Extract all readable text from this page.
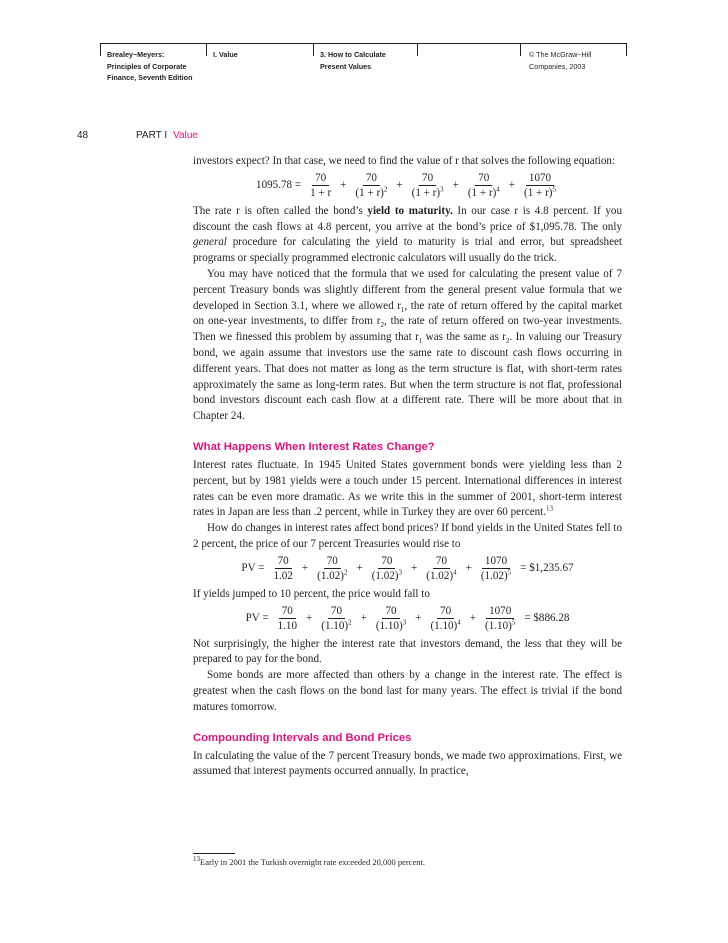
Brealey−Meyers:
Principles of Corporate
Finance, Seventh Edition
I. Value	3. How to Calculate
Present Values
© The McGraw−Hill
Companies, 2003
48	PART I Value

investors expect? In that case, we need to find the value of r that solves the following equation:

$1095.78 = \frac{70}{1 + r} + \frac{70}{(1 + r)^2} + \frac{70}{(1 + r)^3} + \frac{70}{(1 + r)^4} + \frac{1070}{(1 + r)^5}$

The rate r is often called the bond’s yield to maturity. In our case r is 4.8 percent. If you discount the cash flows at 4.8 percent, you arrive at the bond’s price of $1,095.78. The only general procedure for calculating the yield to maturity is trial and error, but spreadsheet programs or specially programmed electronic calculators will usually do the trick.

You may have noticed that the formula that we used for calculating the present value of 7 percent Treasury bonds was slightly different from the general present value formula that we developed in Section 3.1, where we allowed $r_1$, the rate of return offered by the capital market on one-year investments, to differ from $r_2$, the rate of return offered on two-year investments. Then we finessed this problem by assuming that $r_1$ was the same as $r_2$. In valuing our Treasury bond, we again assume that investors use the same rate to discount cash flows occurring in different years. That does not matter as long as the term structure is flat, with short-term rates approximately the same as long-term rates. But when the term structure is not flat, professional bond investors discount each cash flow at a different rate. There will be more about that in Chapter 24.

What Happens When Interest Rates Change?

Interest rates fluctuate. In 1945 United States government bonds were yielding less than 2 percent, but by 1981 yields were a touch under 15 percent. International differences in interest rates can be even more dramatic. As we write this in the summer of 2001, short-term interest rates in Japan are less than .2 percent, while in Turkey they are over 60 percent.$^{13}$

How do changes in interest rates affect bond prices? If bond yields in the United States fell to 2 percent, the price of our 7 percent Treasuries would rise to

PV = $\frac{70}{1.02} + \frac{70}{(1.02)^2} + \frac{70}{(1.02)^3} + \frac{70}{(1.02)^4} + \frac{1070}{(1.02)^5}$ = $1,235.67

If yields jumped to 10 percent, the price would fall to

PV = $\frac{70}{1.10} + \frac{70}{(1.10)^2} + \frac{70}{(1.10)^3} + \frac{70}{(1.10)^4} + \frac{1070}{(1.10)^5}$ = $886.28

Not surprisingly, the higher the interest rate that investors demand, the less that they will be prepared to pay for the bond.

Some bonds are more affected than others by a change in the interest rate. The effect is greatest when the cash flows on the bond last for many years. The effect is trivial if the bond matures tomorrow.

Compounding Intervals and Bond Prices

In calculating the value of the 7 percent Treasury bonds, we made two approximations. First, we assumed that interest payments occurred annually. In practice,

$^{13}$Early in 2001 the Turkish overnight rate exceeded 20,000 percent.
